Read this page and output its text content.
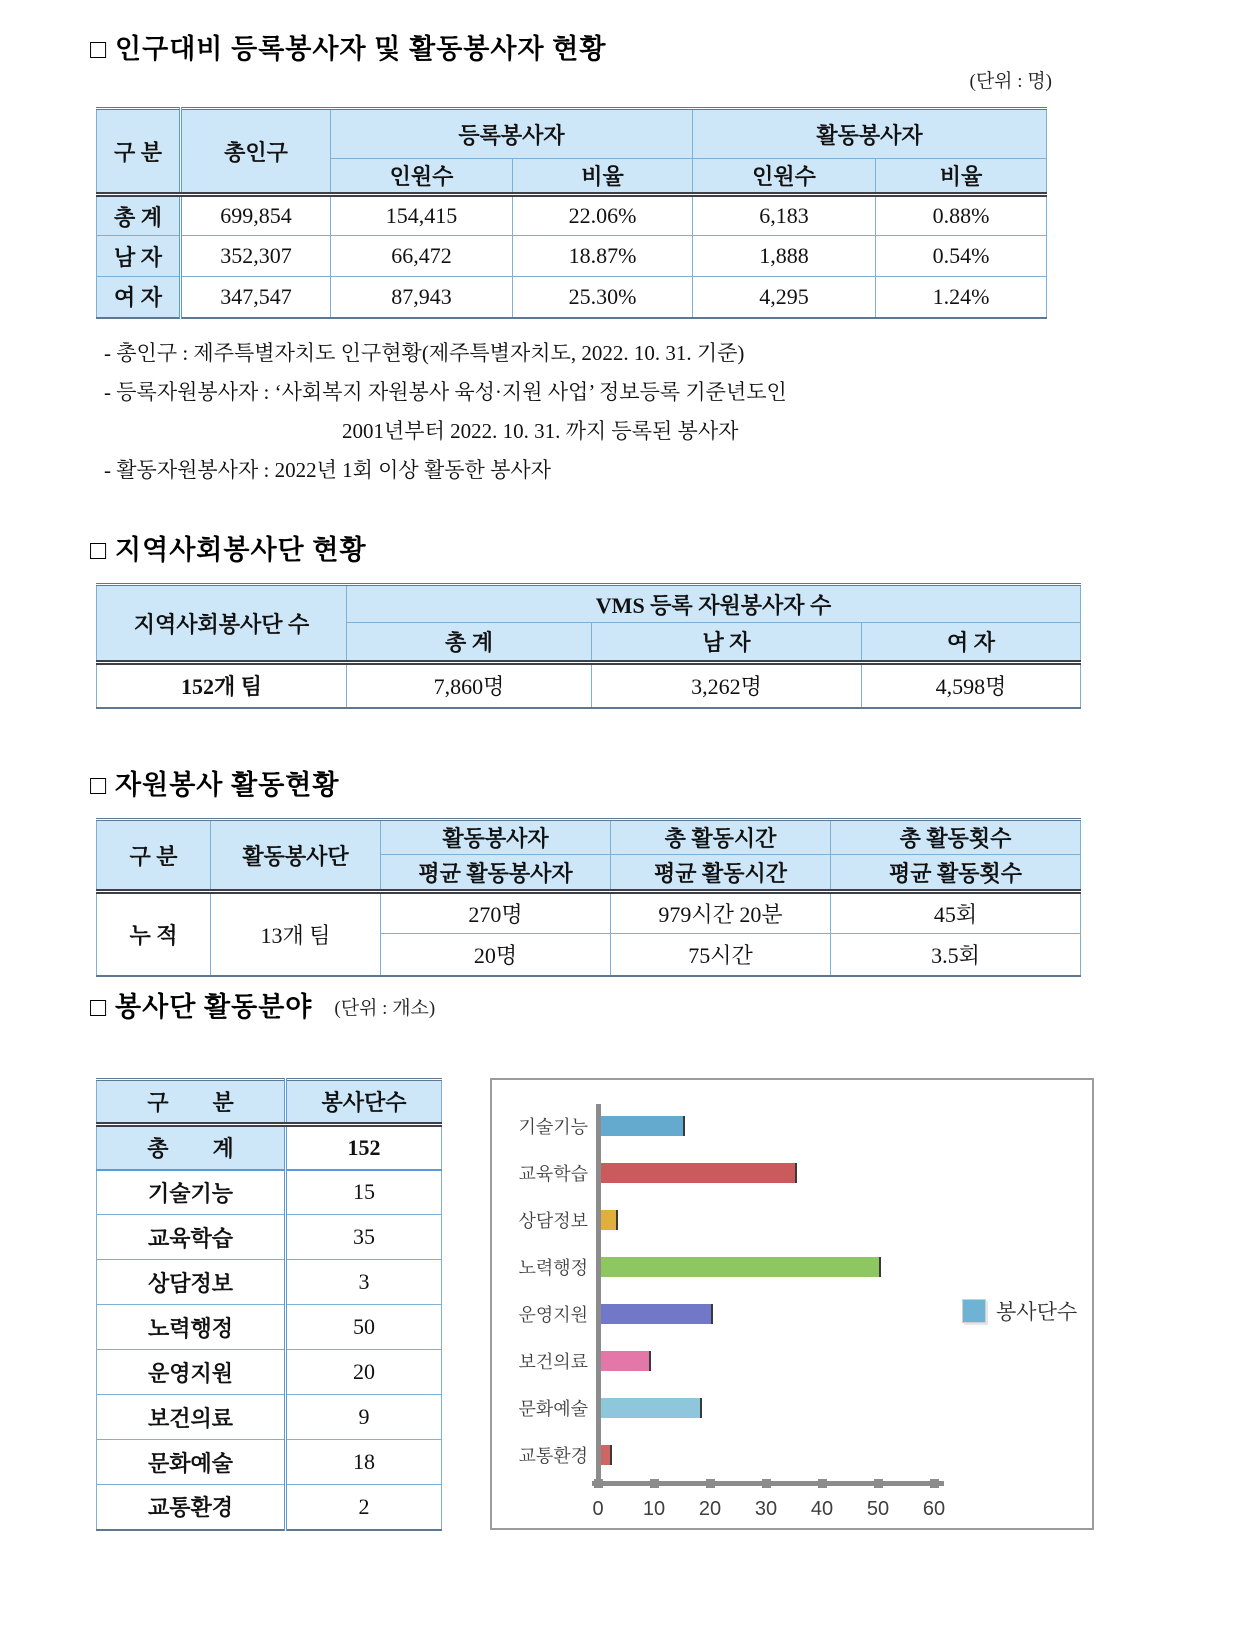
□ 인구대비 등록봉사자 및 활동봉사자 현황
(단위 : 명)
구 분	총인구	등록봉사자		활동봉사자	
		인원수	비율	인원수	비율
총 계	699,854	154,415	22.06%	6,183	0.88%
남 자	352,307	66,472	18.87%	1,888	0.54%
여 자	347,547	87,943	25.30%	4,295	1.24%
- 총인구 : 제주특별자치도 인구현황(제주특별자치도, 2022. 10. 31. 기준)
- 등록자원봉사자 : ‘사회복지 자원봉사 육성·지원 사업’ 정보등록 기준년도인
2001년부터 2022. 10. 31. 까지 등록된 봉사자
- 활동자원봉사자 : 2022년 1회 이상 활동한 봉사자
□ 지역사회봉사단 현황
지역사회봉사단 수	VMS 등록 자원봉사자 수		
	총 계	남 자	여 자
152개 팀	7,860명	3,262명	4,598명
□ 자원봉사 활동현황
구 분	활동봉사단	활동봉사자	총 활동시간	총 활동횟수
		평균 활동봉사자	평균 활동시간	평균 활동횟수
누 적	13개 팀	270명	979시간 20분	45회
		20명	75시간	3.5회
□ 봉사단 활동분야 (단위 : 개소)
구　　분	봉사단수
총　　계	152
기술기능	15
교육학습	35
상담정보	3
노력행정	50
운영지원	20
보건의료	9
문화예술	18
교통환경	2
기술기능
교육학습
상담정보
노력행정
운영지원
보건의료
문화예술
교통환경
0	10	20	30	40	50	60
봉사단수
